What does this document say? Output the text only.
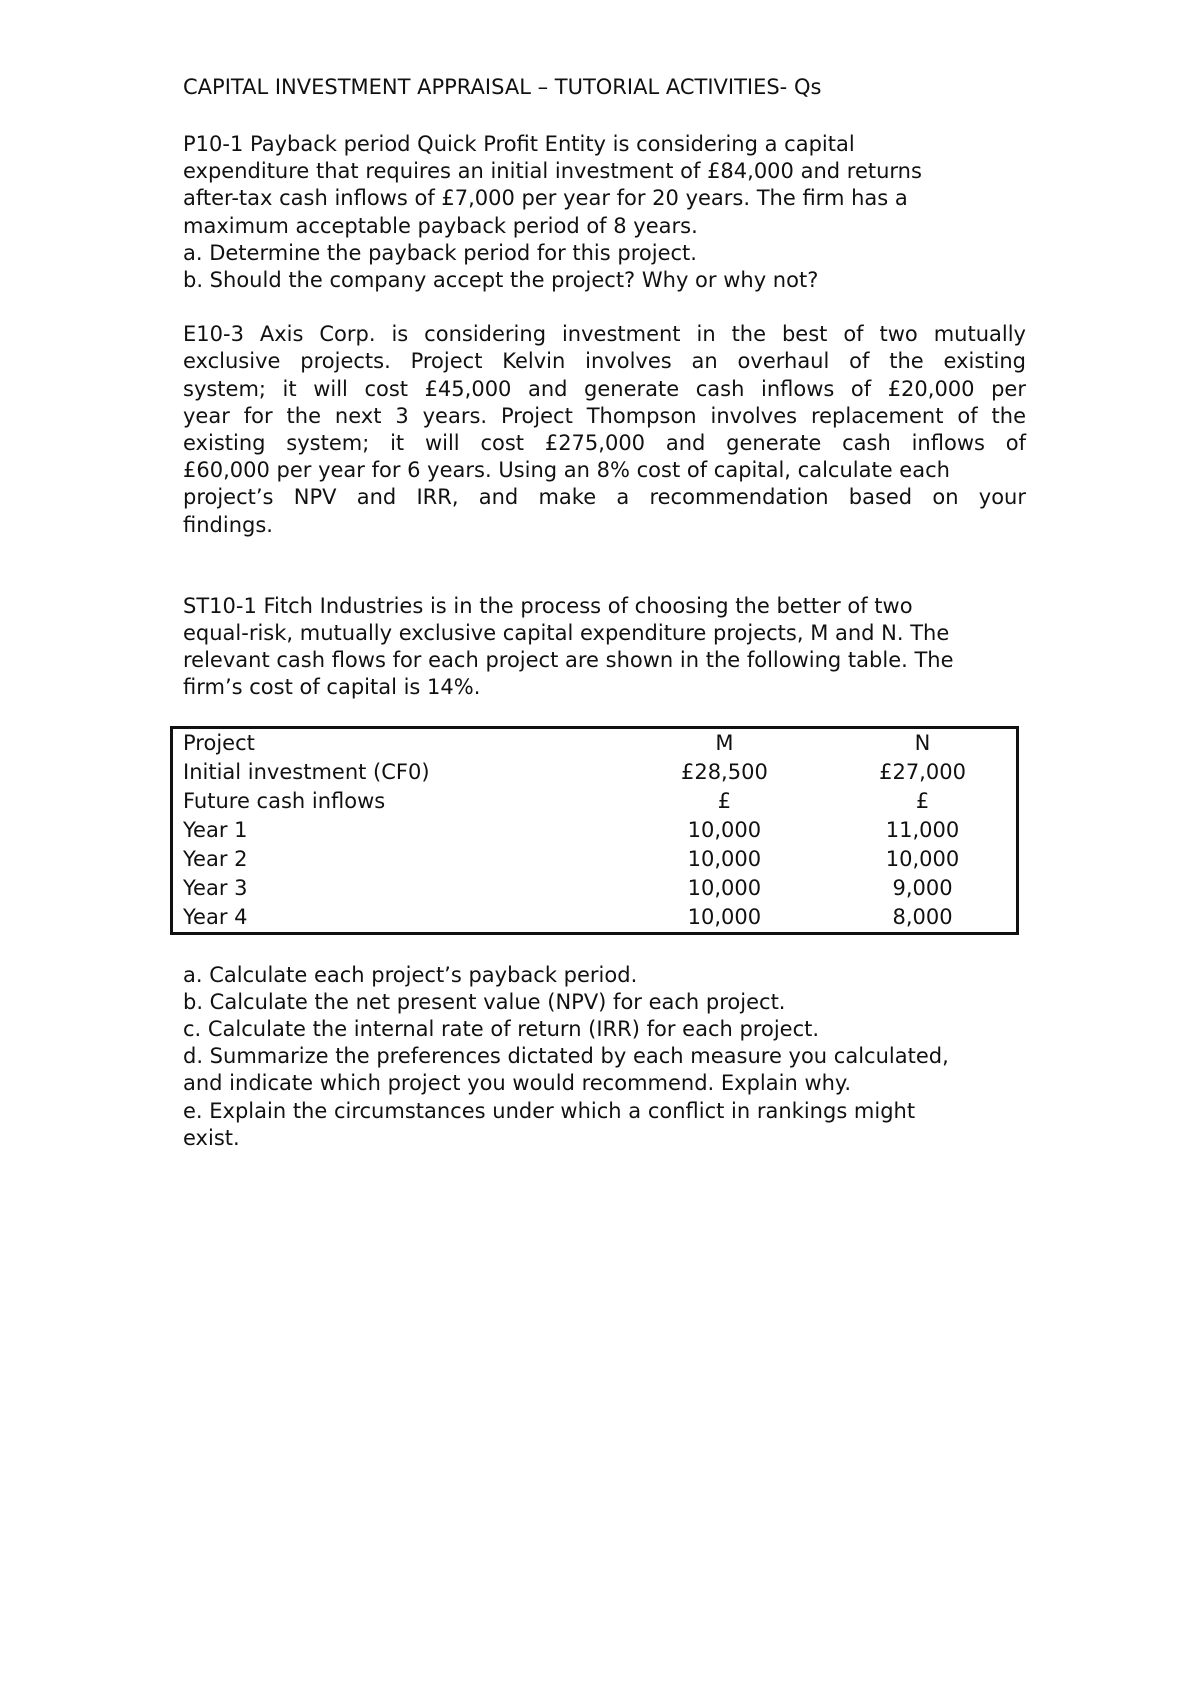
CAPITAL INVESTMENT APPRAISAL – TUTORIAL ACTIVITIES- Qs

P10-1 Payback period Quick Profit Entity is considering a capital
expenditure that requires an initial investment of £84,000 and returns
after-tax cash inflows of £7,000 per year for 20 years. The firm has a
maximum acceptable payback period of 8 years.
a. Determine the payback period for this project.
b. Should the company accept the project? Why or why not?
E10-3 Axis Corp. is considering investment in the best of two mutually
exclusive projects. Project Kelvin involves an overhaul of the existing
system; it will cost £45,000 and generate cash inflows of £20,000 per
year for the next 3 years. Project Thompson involves replacement of the
existing system; it will cost £275,000 and generate cash inflows of
£60,000 per year for 6 years. Using an 8% cost of capital, calculate each
project’s NPV and IRR, and make a recommendation based on your
findings.
ST10-1 Fitch Industries is in the process of choosing the better of two
equal-risk, mutually exclusive capital expenditure projects, M and N. The
relevant cash flows for each project are shown in the following table. The
firm’s cost of capital is 14%.
Project	M	N
Initial investment (CF0)	£28,500	£27,000
Future cash inflows	£	£
Year 1	10,000	11,000
Year 2	10,000	10,000
Year 3	10,000	9,000
Year 4	10,000	8,000
a. Calculate each project’s payback period.
b. Calculate the net present value (NPV) for each project.
c. Calculate the internal rate of return (IRR) for each project.
d. Summarize the preferences dictated by each measure you calculated,
and indicate which project you would recommend. Explain why.
e. Explain the circumstances under which a conflict in rankings might
exist.
